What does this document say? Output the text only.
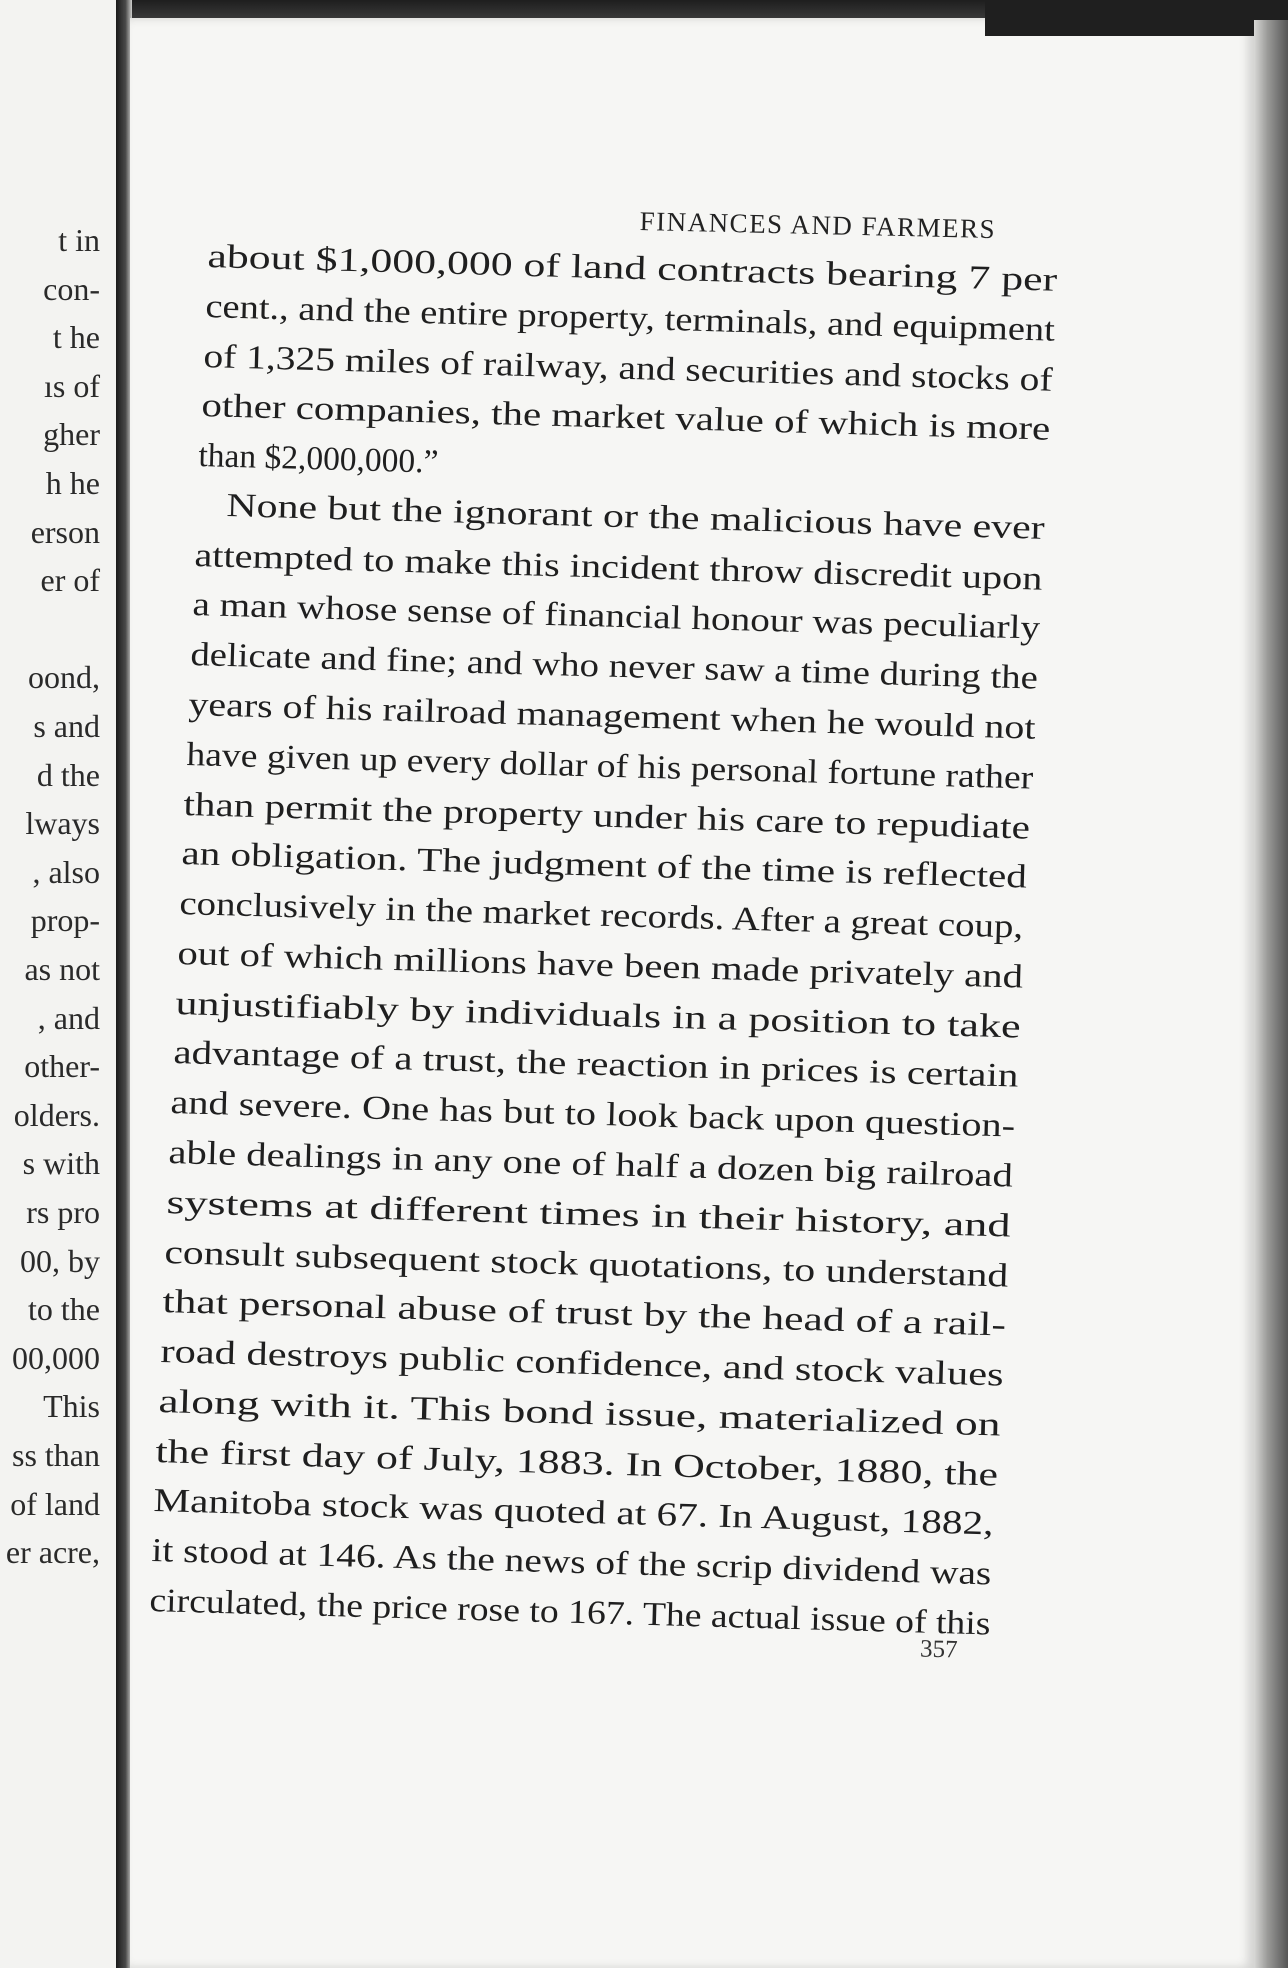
t in
con-
t he
ıs of
gher
h he
erson
er of
oond,
s and
d the
lways
, also
prop-
as not
, and
other-
olders.
s with
rs pro
00, by
to the
00,000
This
ss than
of land
er acre,
FINANCES AND FARMERS
about $1,000,000 of land contracts bearing 7 per
cent., and the entire property, terminals, and equipment
of 1,325 miles of railway, and securities and stocks of
other companies, the market value of which is more
than $2,000,000.”
None but the ignorant or the malicious have ever
attempted to make this incident throw discredit upon
a man whose sense of financial honour was peculiarly
delicate and fine; and who never saw a time during the
years of his railroad management when he would not
have given up every dollar of his personal fortune rather
than permit the property under his care to repudiate
an obligation. The judgment of the time is reflected
conclusively in the market records. After a great coup,
out of which millions have been made privately and
unjustifiably by individuals in a position to take
advantage of a trust, the reaction in prices is certain
and severe. One has but to look back upon question-
able dealings in any one of half a dozen big railroad
systems at different times in their history, and
consult subsequent stock quotations, to understand
that personal abuse of trust by the head of a rail-
road destroys public confidence, and stock values
along with it. This bond issue, materialized on
the first day of July, 1883. In October, 1880, the
Manitoba stock was quoted at 67. In August, 1882,
it stood at 146. As the news of the scrip dividend was
circulated, the price rose to 167. The actual issue of this
357
